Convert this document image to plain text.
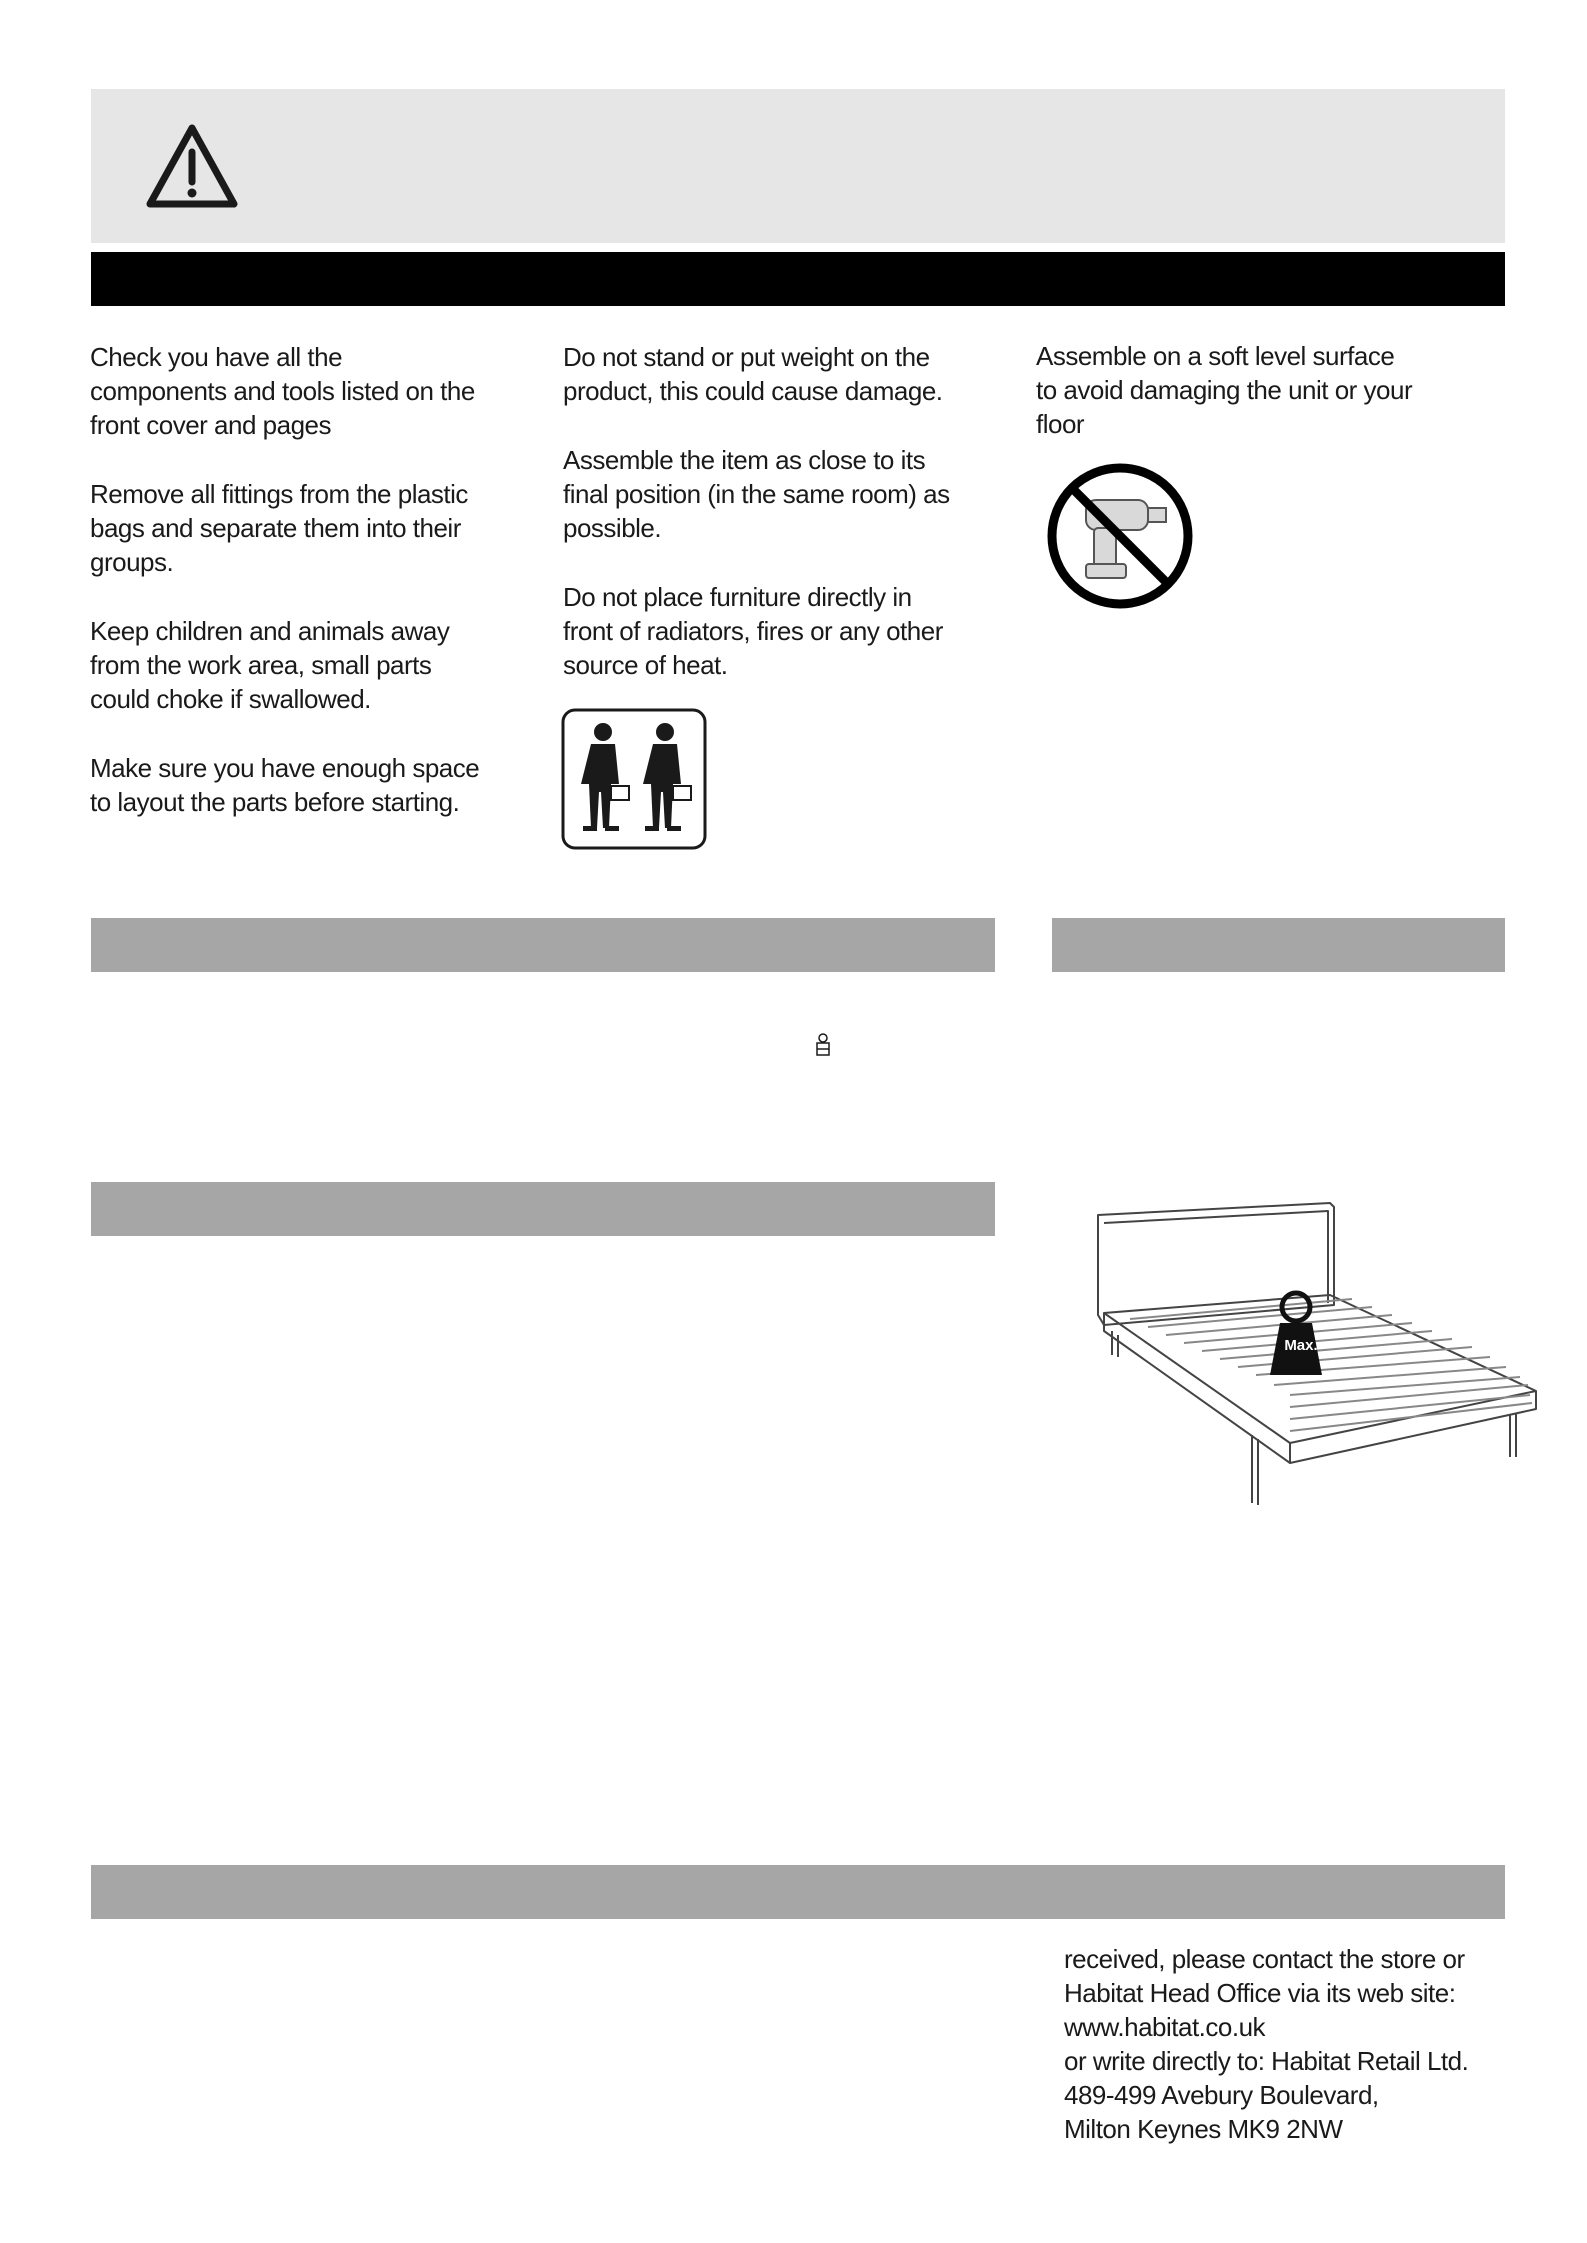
Check you have all the
components and tools listed on the
front cover and pages
Remove all fittings from the plastic
bags and separate them into their
groups.
Keep children and animals away
from the work area, small parts
could choke if swallowed.
Make sure you have enough space
to layout the parts before starting.
Do not stand or put weight on the
product, this could cause damage.
Assemble the item as close to its
final position (in the same room) as
possible.
Do not place furniture directly in
front of radiators, fires or any other
source of heat.
Assemble on a soft level surface
to avoid damaging the unit or your
floor
Max.
received, please contact the store or
Habitat Head Office via its web site:
www.habitat.co.uk
or write directly to: Habitat Retail Ltd.
489-499 Avebury Boulevard,
Milton Keynes MK9 2NW
